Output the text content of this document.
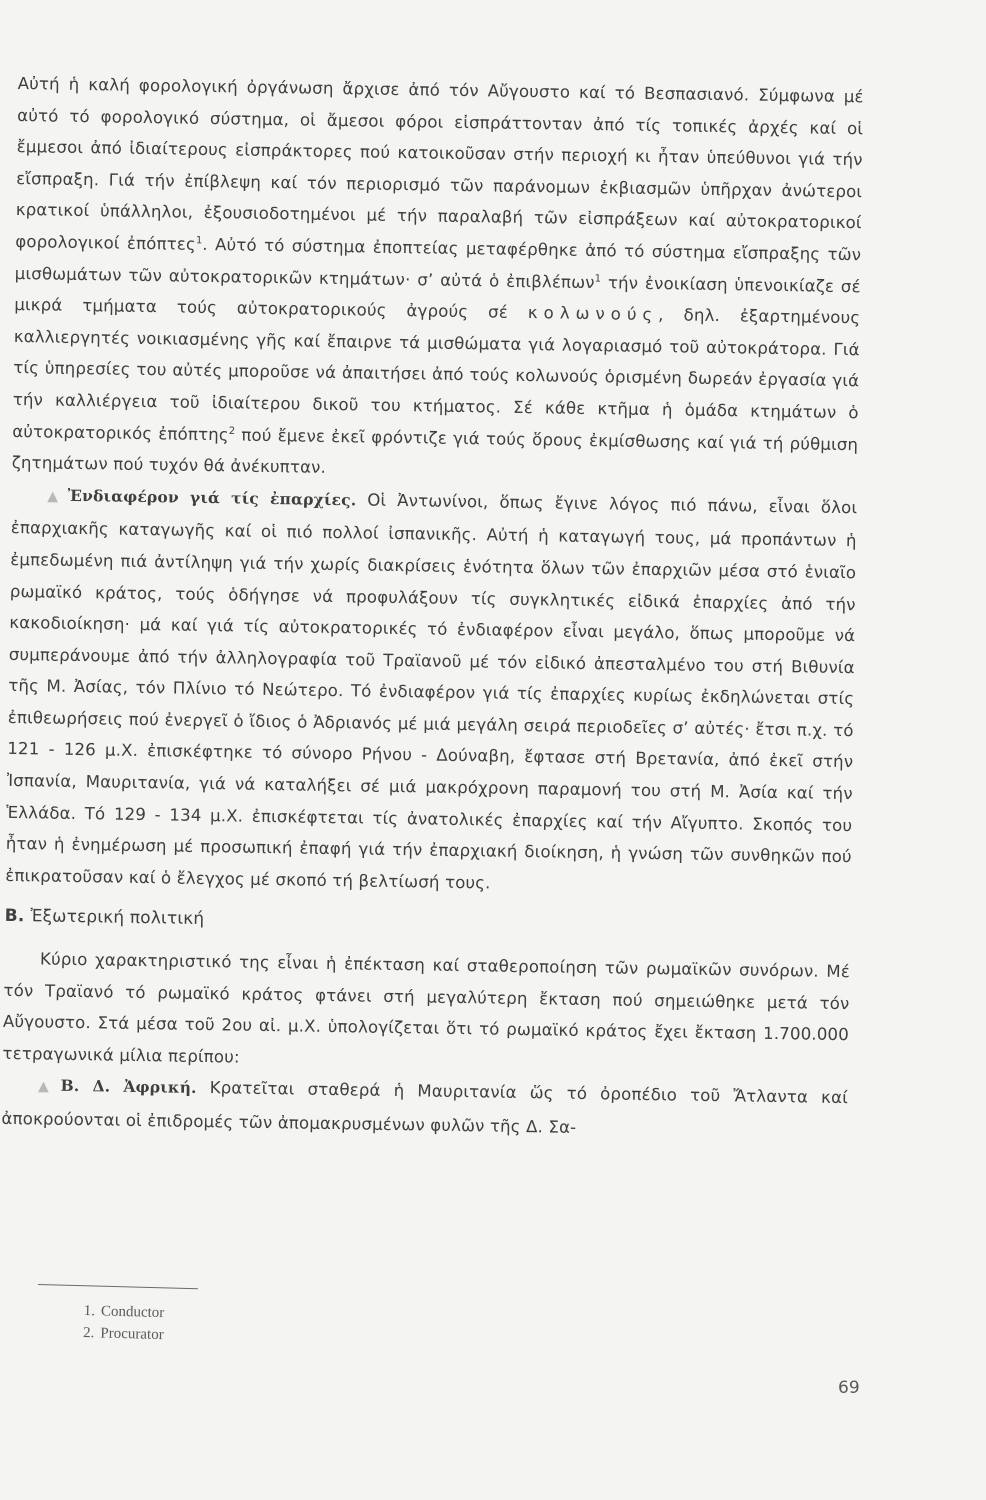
Αὐτή ἡ καλή φορολογική ὀργάνωση ἄρχισε ἀπό τόν Αὔγουστο καί τό Βεσπασιανό. Σύμφωνα μέ αὐτό τό φορολογικό σύστημα, οἱ ἄμεσοι φόροι εἰσπράττονταν ἀπό τίς τοπικές ἀρχές καί οἱ ἔμμεσοι ἀπό ἰδιαίτερους εἰσπράκτορες πού κατοικοῦσαν στήν περιοχή κι ἦταν ὑπεύθυνοι γιά τήν εἴσπραξη. Γιά τήν ἐπίβλεψη καί τόν περιορισμό τῶν παράνομων ἐκβιασμῶν ὑπῆρχαν ἀνώτεροι κρατικοί ὑπάλληλοι, ἐξουσιοδοτημένοι μέ τήν παραλαβή τῶν εἰσπράξεων καί αὐτοκρατορικοί φορολογικοί ἐπόπτες$^1$. Αὐτό τό σύστημα ἐποπτείας μεταφέρθηκε ἀπό τό σύστημα εἴσπραξης τῶν μισθωμάτων τῶν αὐτοκρατορικῶν κτημάτων· σ’ αὐτά ὁ ἐπιβλέπων$^1$ τήν ἐνοικίαση ὑπενοικίαζε σέ μικρά τμήματα τούς αὐτοκρατορικούς ἀγρούς σέ κολωνούς, δηλ. ἐξαρτημένους καλλιεργητές νοικιασμένης γῆς καί ἔπαιρνε τά μισθώματα γιά λογαριασμό τοῦ αὐτοκράτορα. Γιά τίς ὑπηρεσίες του αὐτές μποροῦσε νά ἀπαιτήσει ἀπό τούς κολωνούς ὁρισμένη δωρεάν ἐργασία γιά τήν καλλιέργεια τοῦ ἰδιαίτερου δικοῦ του κτήματος. Σέ κάθε κτῆμα ἡ ὁμάδα κτημάτων ὁ αὐτοκρατορικός ἐπόπτης$^2$ πού ἔμενε ἐκεῖ φρόντιζε γιά τούς ὅρους ἐκμίσθωσης καί γιά τή ρύθμιση ζητημάτων πού τυχόν θά ἀνέκυπταν.

▲ Ἐνδιαφέρον γιά τίς ἐπαρχίες. Οἱ Ἀντωνίνοι, ὅπως ἔγινε λόγος πιό πάνω, εἶναι ὅλοι ἐπαρχιακῆς καταγωγῆς καί οἱ πιό πολλοί ἰσπανικῆς. Αὐτή ἡ καταγωγή τους, μά προπάντων ἡ ἐμπεδωμένη πιά ἀντίληψη γιά τήν χωρίς διακρίσεις ἑνότητα ὅλων τῶν ἐπαρχιῶν μέσα στό ἑνιαῖο ρωμαϊκό κράτος, τούς ὁδήγησε νά προφυλάξουν τίς συγκλητικές εἰδικά ἐπαρχίες ἀπό τήν κακοδιοίκηση· μά καί γιά τίς αὐτοκρατορικές τό ἐνδιαφέρον εἶναι μεγάλο, ὅπως μποροῦμε νά συμπεράνουμε ἀπό τήν ἀλληλογραφία τοῦ Τραϊανοῦ μέ τόν εἰδικό ἀπεσταλμένο του στή Βιθυνία τῆς Μ. Ἀσίας, τόν Πλίνιο τό Νεώτερο. Τό ἐνδιαφέρον γιά τίς ἐπαρχίες κυρίως ἐκδηλώνεται στίς ἐπιθεωρήσεις πού ἐνεργεῖ ὁ ἴδιος ὁ Ἀδριανός μέ μιά μεγάλη σειρά περιοδεῖες σ’ αὐτές· ἔτσι π.χ. τό 121 - 126 μ.Χ. ἐπισκέφτηκε τό σύνορο Ρήνου - Δούναβη, ἔφτασε στή Βρετανία, ἀπό ἐκεῖ στήν Ἰσπανία, Μαυριτανία, γιά νά καταλήξει σέ μιά μακρόχρονη παραμονή του στή Μ. Ἀσία καί τήν Ἑλλάδα. Τό 129 - 134 μ.Χ. ἐπισκέφτεται τίς ἀνατολικές ἐπαρχίες καί τήν Αἴγυπτο. Σκοπός του ἦταν ἡ ἐνημέρωση μέ προσωπική ἐπαφή γιά τήν ἐπαρχιακή διοίκηση, ἡ γνώση τῶν συνθηκῶν πού ἐπικρατοῦσαν καί ὁ ἔλεγχος μέ σκοπό τή βελτίωσή τους.

Β. Ἐξωτερική πολιτική

Κύριο χαρακτηριστικό της εἶναι ἡ ἐπέκταση καί σταθεροποίηση τῶν ρωμαϊκῶν συνόρων. Μέ τόν Τραϊανό τό ρωμαϊκό κράτος φτάνει στή μεγαλύτερη ἔκταση πού σημειώθηκε μετά τόν Αὔγουστο. Στά μέσα τοῦ 2ου αἰ. μ.Χ. ὑπολογίζεται ὅτι τό ρωμαϊκό κράτος ἔχει ἔκταση 1.700.000 τετραγωνικά μίλια περίπου:

▲ Β. Δ. Ἀφρική. Κρατεῖται σταθερά ἡ Μαυριτανία ὥς τό ὀροπέδιο τοῦ Ἄτλαντα καί ἀποκρούονται οἱ ἐπιδρομές τῶν ἀπομακρυσμένων φυλῶν τῆς Δ. Σα-

1. Conductor
2. Procurator
69
